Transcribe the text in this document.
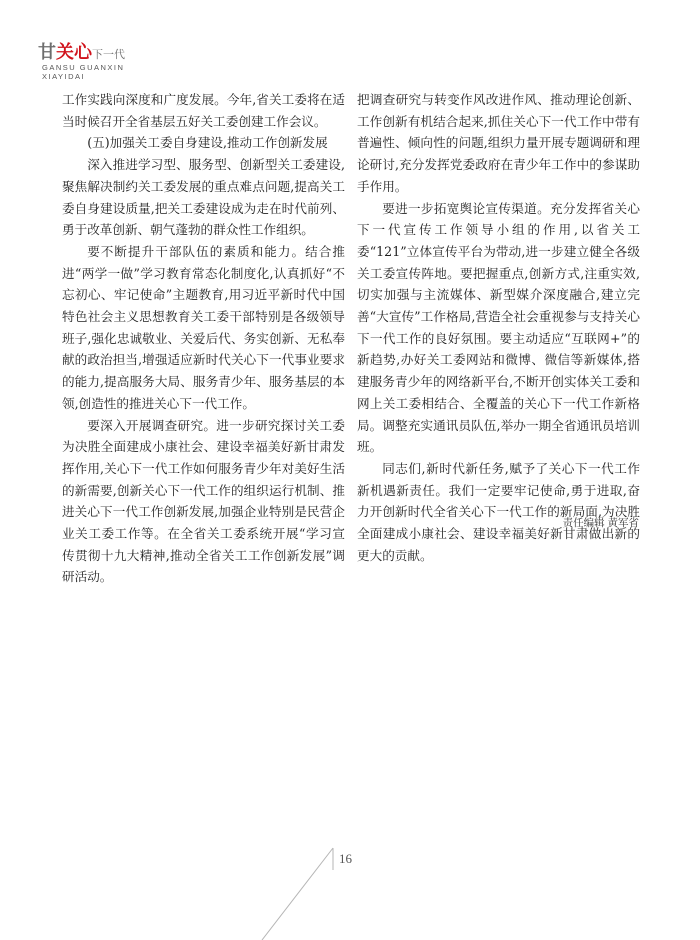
甘关心下一代
GANSU GUANXIN
XIAYIDAI

工作实践向深度和广度发展。今年,省关工委将在适当时候召开全省基层五好关工委创建工作会议。

(五)加强关工委自身建设,推动工作创新发展

深入推进学习型、服务型、创新型关工委建设,聚焦解决制约关工委发展的重点难点问题,提高关工委自身建设质量,把关工委建设成为走在时代前列、勇于改革创新、朝气蓬勃的群众性工作组织。

要不断提升干部队伍的素质和能力。结合推进“两学一做”学习教育常态化制度化,认真抓好“不忘初心、牢记使命”主题教育,用习近平新时代中国特色社会主义思想教育关工委干部特别是各级领导班子,强化忠诚敬业、关爱后代、务实创新、无私奉献的政治担当,增强适应新时代关心下一代事业要求的能力,提高服务大局、服务青少年、服务基层的本领,创造性的推进关心下一代工作。

要深入开展调查研究。进一步研究探讨关工委为决胜全面建成小康社会、建设幸福美好新甘肃发挥作用,关心下一代工作如何服务青少年对美好生活的新需要,创新关心下一代工作的组织运行机制、推进关心下一代工作创新发展,加强企业特别是民营企业关工委工作等。在全省关工委系统开展“学习宣传贯彻十九大精神,推动全省关工工作创新发展”调研活动。

把调查研究与转变作风改进作风、推动理论创新、工作创新有机结合起来,抓住关心下一代工作中带有普遍性、倾向性的问题,组织力量开展专题调研和理论研讨,充分发挥党委政府在青少年工作中的参谋助手作用。

要进一步拓宽舆论宣传渠道。充分发挥省关心下一代宣传工作领导小组的作用,以省关工委“121”立体宣传平台为带动,进一步建立健全各级关工委宣传阵地。要把握重点,创新方式,注重实效,切实加强与主流媒体、新型媒介深度融合,建立完善“大宣传”工作格局,营造全社会重视参与支持关心下一代工作的良好氛围。要主动适应“互联网+”的新趋势,办好关工委网站和微博、微信等新媒体,搭建服务青少年的网络新平台,不断开创实体关工委和网上关工委相结合、全覆盖的关心下一代工作新格局。调整充实通讯员队伍,举办一期全省通讯员培训班。

同志们,新时代新任务,赋予了关心下一代工作新机遇新责任。我们一定要牢记使命,勇于进取,奋力开创新时代全省关心下一代工作的新局面,为决胜全面建成小康社会、建设幸福美好新甘肃做出新的更大的贡献。

责任编辑 黄军省
16
